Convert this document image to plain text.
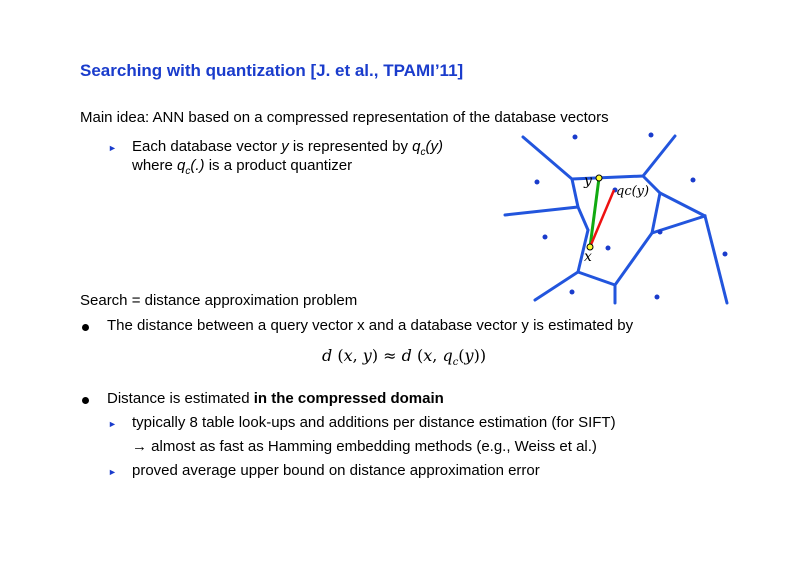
Searching with quantization [J. et al., TPAMI’11]
Main idea: ANN based on a compressed representation of the database vectors
► Each database vector y is represented by $q_c(y)$
where $q_c(.)$ is a product quantizer
y
qc(y)
x
Search = distance approximation problem
The distance between a query vector x and a database vector y is estimated by
d (x, y) ≈ d (x, $q_c(y)$)
Distance is estimated in the compressed domain
► typically 8 table look-ups and additions per distance estimation (for SIFT)
→ almost as fast as Hamming embedding methods (e.g., Weiss et al.)
► proved average upper bound on distance approximation error
